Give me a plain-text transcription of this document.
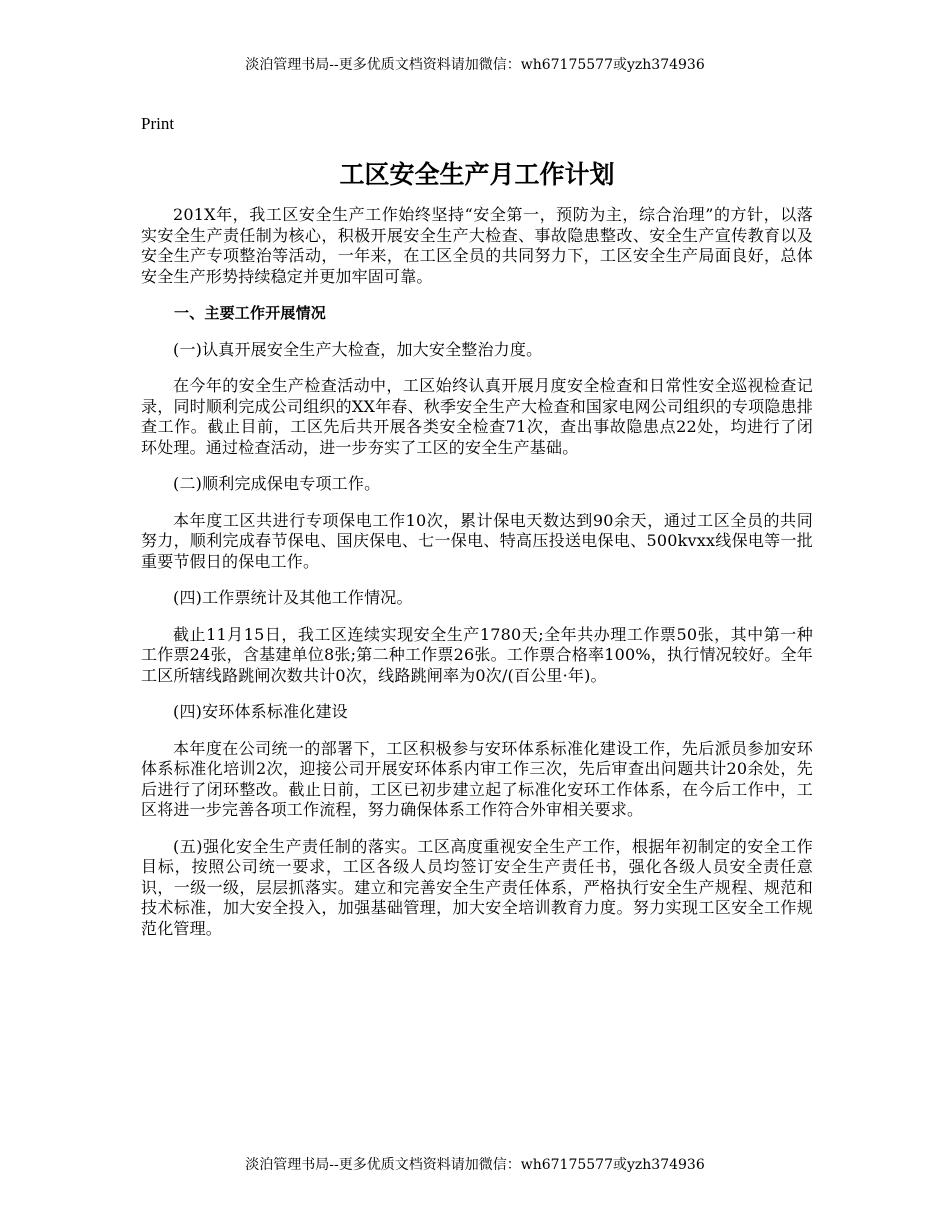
淡泊管理书局--更多优质文档资料请加微信：wh67175577或yzh374936
Print
工区安全生产月工作计划

201X年，我工区安全生产工作始终坚持“安全第一，预防为主，综合治理”的方针，以落实安全生产责任制为核心，积极开展安全生产大检查、事故隐患整改、安全生产宣传教育以及安全生产专项整治等活动，一年来，在工区全员的共同努力下，工区安全生产局面良好，总体安全生产形势持续稳定并更加牢固可靠。

一、主要工作开展情况

(一)认真开展安全生产大检查，加大安全整治力度。

在今年的安全生产检查活动中，工区始终认真开展月度安全检查和日常性安全巡视检查记录，同时顺利完成公司组织的XX年春、秋季安全生产大检查和国家电网公司组织的专项隐患排查工作。截止目前，工区先后共开展各类安全检查71次，查出事故隐患点22处，均进行了闭环处理。通过检查活动，进一步夯实了工区的安全生产基础。

(二)顺利完成保电专项工作。

本年度工区共进行专项保电工作10次，累计保电天数达到90余天，通过工区全员的共同努力，顺利完成春节保电、国庆保电、七一保电、特高压投送电保电、500kvxx线保电等一批重要节假日的保电工作。

(四)工作票统计及其他工作情况。

截止11月15日，我工区连续实现安全生产1780天;全年共办理工作票50张，其中第一种工作票24张，含基建单位8张;第二种工作票26张。工作票合格率100%，执行情况较好。全年工区所辖线路跳闸次数共计0次，线路跳闸率为0次/(百公里·年)。

(四)安环体系标准化建设

本年度在公司统一的部署下，工区积极参与安环体系标准化建设工作，先后派员参加安环体系标准化培训2次，迎接公司开展安环体系内审工作三次，先后审查出问题共计20余处，先后进行了闭环整改。截止日前，工区已初步建立起了标准化安环工作体系，在今后工作中，工区将进一步完善各项工作流程，努力确保体系工作符合外审相关要求。

(五)强化安全生产责任制的落实。工区高度重视安全生产工作，根据年初制定的安全工作目标，按照公司统一要求，工区各级人员均签订安全生产责任书，强化各级人员安全责任意识，一级一级，层层抓落实。建立和完善安全生产责任体系，严格执行安全生产规程、规范和技术标准，加大安全投入，加强基础管理，加大安全培训教育力度。努力实现工区安全工作规范化管理。

淡泊管理书局--更多优质文档资料请加微信：wh67175577或yzh374936
